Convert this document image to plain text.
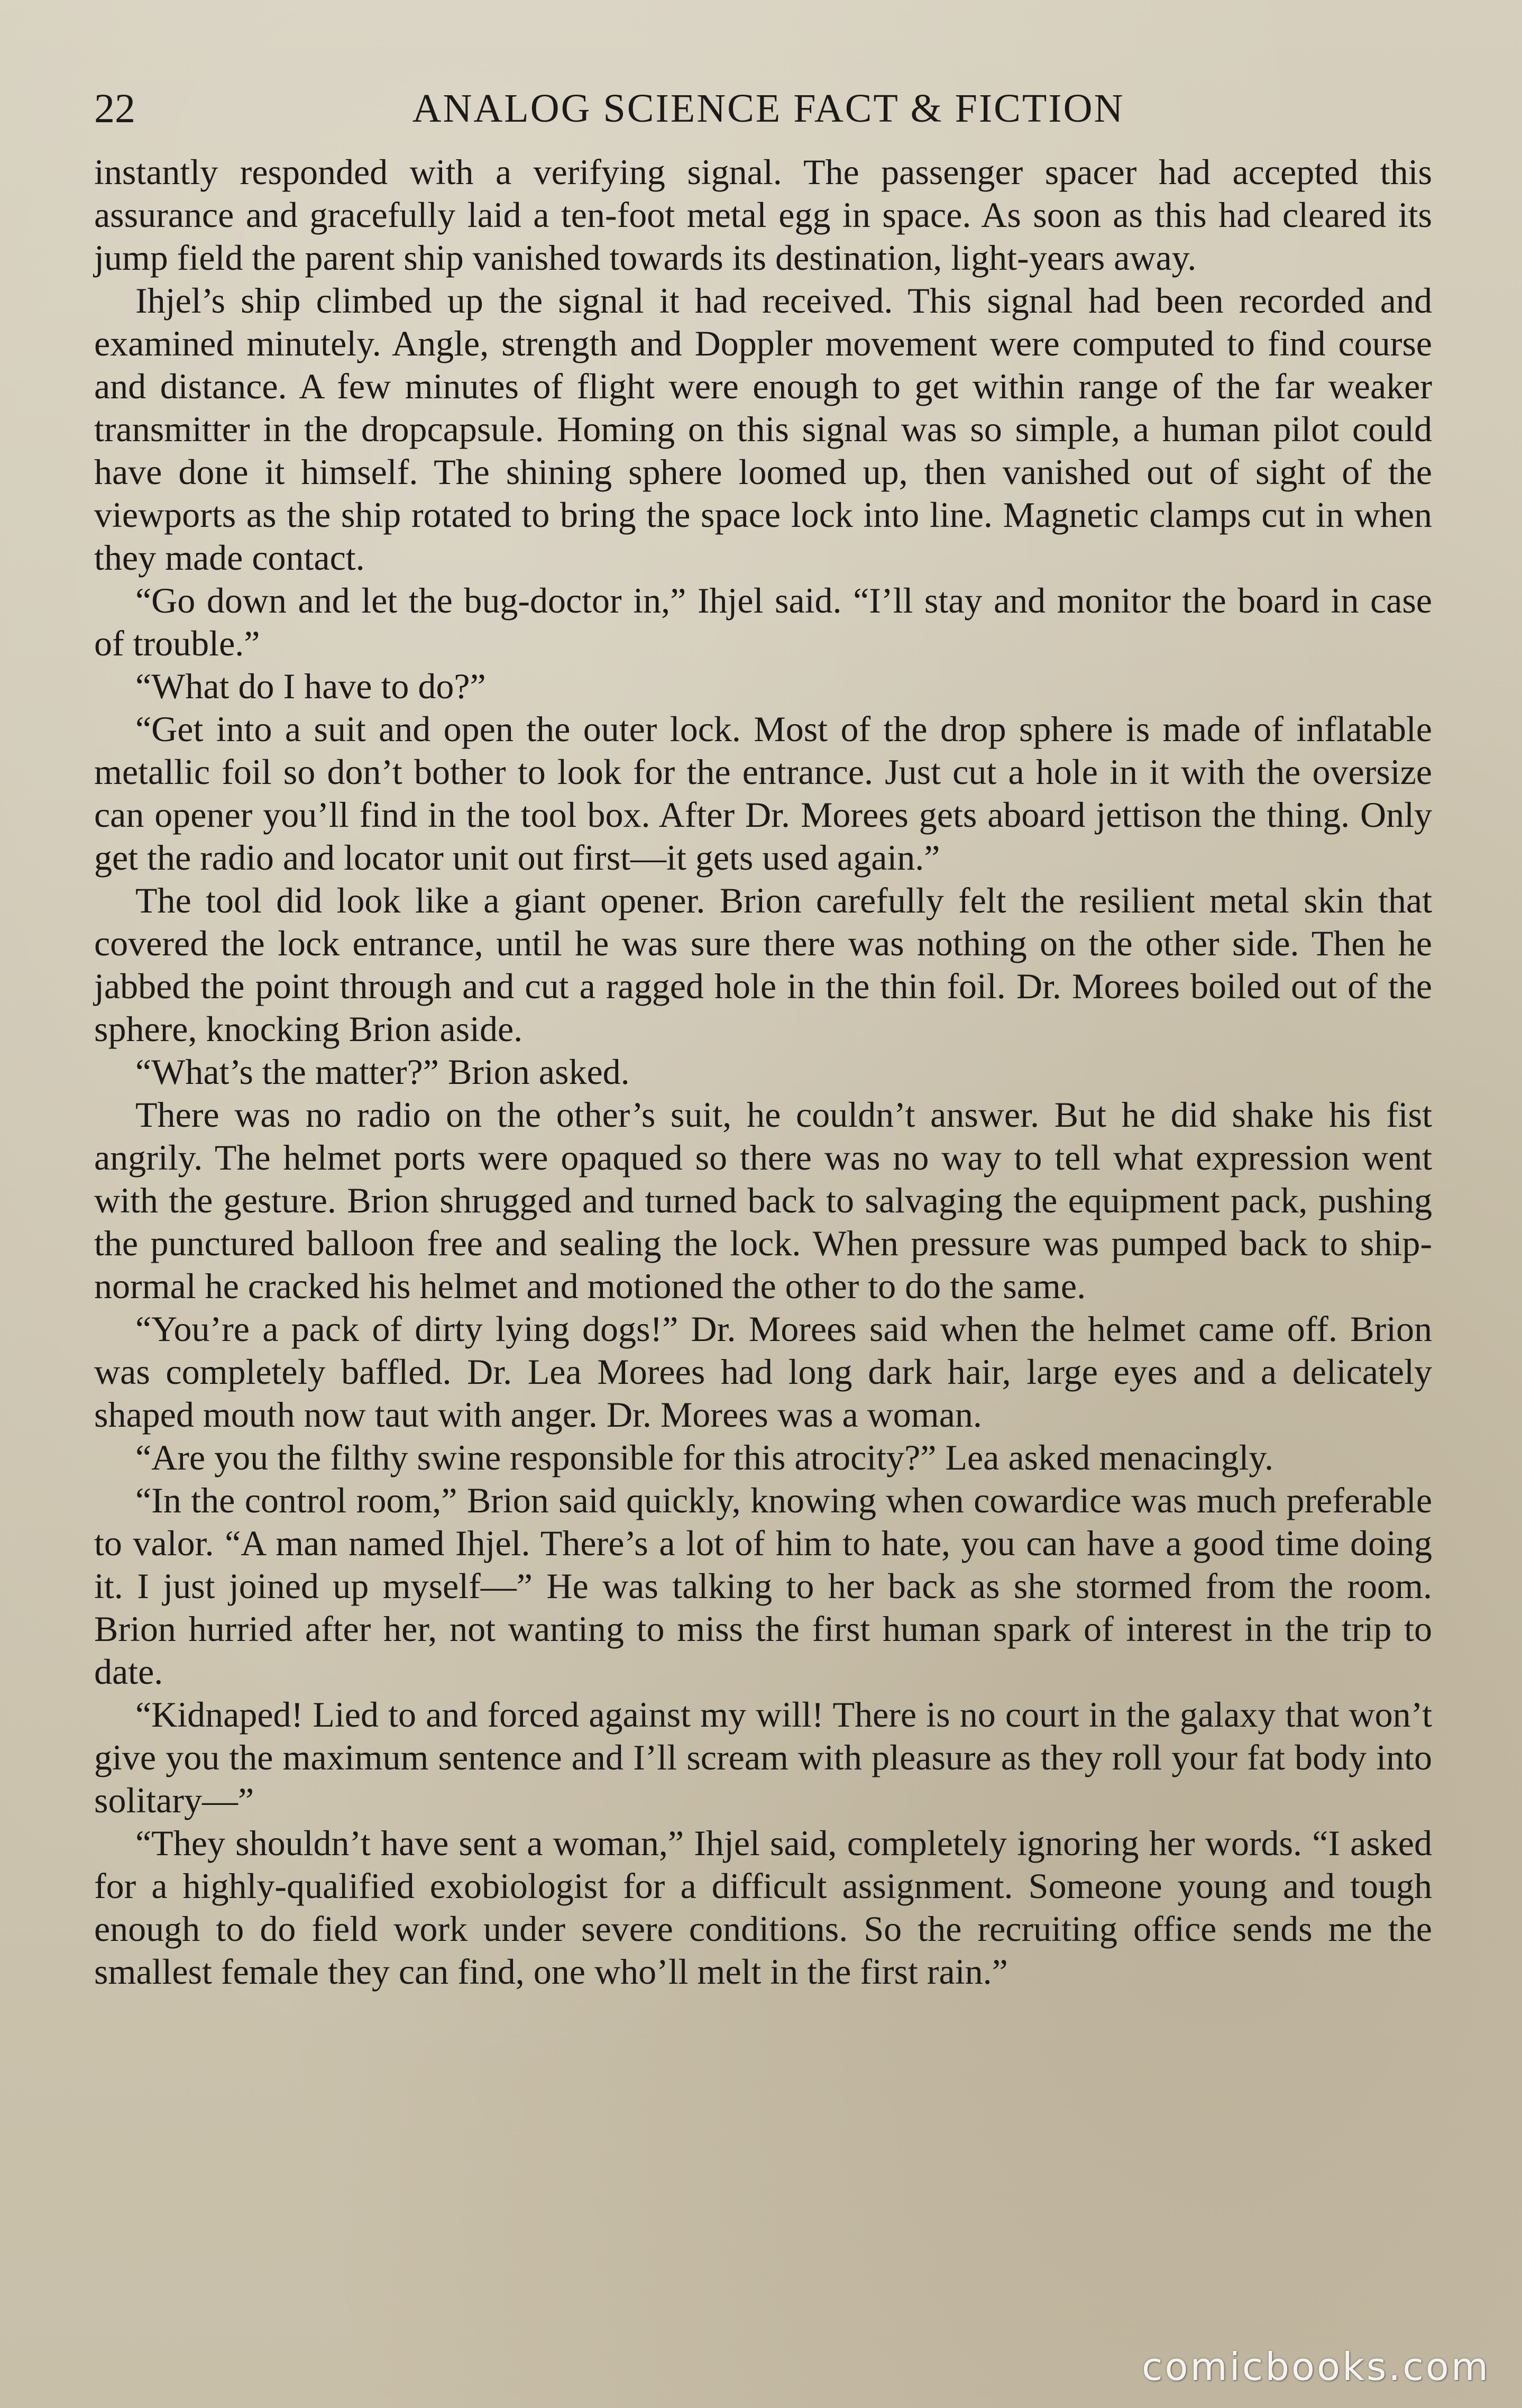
22	ANALOG SCIENCE FACT & FICTION

instantly responded with a verifying signal. The passenger spacer had accepted this assurance and gracefully laid a ten-foot metal egg in space. As soon as this had cleared its jump field the parent ship vanished towards its destination, light-years away.

Ihjel’s ship climbed up the signal it had received. This signal had been recorded and examined minutely. Angle, strength and Doppler movement were computed to find course and distance. A few minutes of flight were enough to get within range of the far weaker transmitter in the dropcapsule. Homing on this signal was so simple, a human pilot could have done it himself. The shining sphere loomed up, then vanished out of sight of the viewports as the ship rotated to bring the space lock into line. Magnetic clamps cut in when they made contact.

“Go down and let the bug-doctor in,” Ihjel said. “I’ll stay and monitor the board in case of trouble.”

“What do I have to do?”

“Get into a suit and open the outer lock. Most of the drop sphere is made of inflatable metallic foil so don’t bother to look for the entrance. Just cut a hole in it with the oversize can opener you’ll find in the tool box. After Dr. Morees gets aboard jettison the thing. Only get the radio and locator unit out first—it gets used again.”

The tool did look like a giant opener. Brion carefully felt the resilient metal skin that covered the lock entrance, until he was sure there was nothing on the other side. Then he jabbed the point through and cut a ragged hole in the thin foil. Dr. Morees boiled out of the sphere, knocking Brion aside.

“What’s the matter?” Brion asked.

There was no radio on the other’s suit, he couldn’t answer. But he did shake his fist angrily. The helmet ports were opaqued so there was no way to tell what expression went with the gesture. Brion shrugged and turned back to salvaging the equipment pack, pushing the punctured balloon free and sealing the lock. When pressure was pumped back to ship-normal he cracked his helmet and motioned the other to do the same.

“You’re a pack of dirty lying dogs!” Dr. Morees said when the helmet came off. Brion was completely baffled. Dr. Lea Morees had long dark hair, large eyes and a delicately shaped mouth now taut with anger. Dr. Morees was a woman.

“Are you the filthy swine responsible for this atrocity?” Lea asked menacingly.

“In the control room,” Brion said quickly, knowing when cowardice was much preferable to valor. “A man named Ihjel. There’s a lot of him to hate, you can have a good time doing it. I just joined up myself—” He was talking to her back as she stormed from the room. Brion hurried after her, not wanting to miss the first human spark of interest in the trip to date.

“Kidnaped! Lied to and forced against my will! There is no court in the galaxy that won’t give you the maximum sentence and I’ll scream with pleasure as they roll your fat body into solitary—”

“They shouldn’t have sent a woman,” Ihjel said, completely ignoring her words. “I asked for a highly-qualified exobiologist for a difficult assignment. Someone young and tough enough to do field work under severe conditions. So the recruiting office sends me the smallest female they can find, one who’ll melt in the first rain.”

comicbooks.com
